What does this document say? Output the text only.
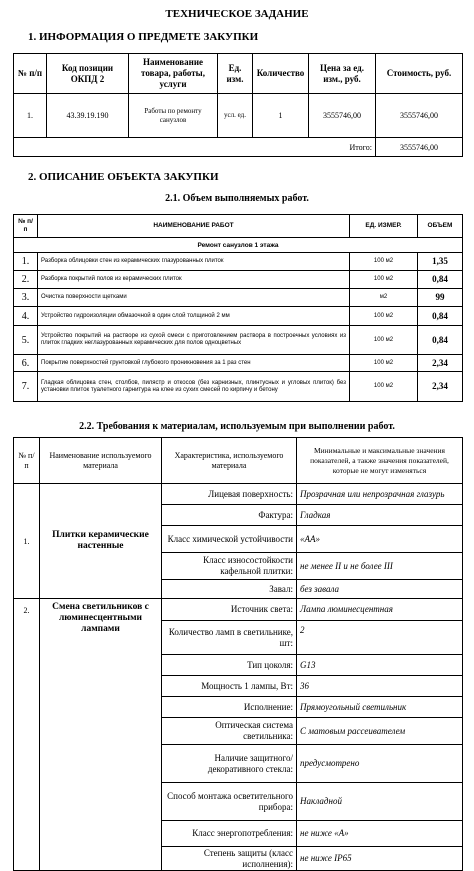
ТЕХНИЧЕСКОЕ ЗАДАНИЕ
1. ИНФОРМАЦИЯ О ПРЕДМЕТЕ ЗАКУПКИ
№ п/п	Код позиции ОКПД 2	Наименование товара, работы, услуги	Ед. изм.	Количество	Цена за ед. изм., руб.	Стоимость, руб.
1.	43.39.19.190	Работы по ремонту санузлов	усл. ед.	1	3555746,00	3555746,00
Итого:						3555746,00
2. ОПИСАНИЕ ОБЪЕКТА ЗАКУПКИ
2.1. Объем выполняемых работ.
№ п/п	НАИМЕНОВАНИЕ РАБОТ	ЕД. ИЗМЕР.	ОБЪЕМ
Ремонт санузлов 1 этажа			
1.	Разборка облицовки стен из керамических глазурованных плиток	100 м2	1,35
2.	Разборка покрытий полов из керамических плиток	100 м2	0,84
3.	Очистка поверхности щетками	м2	99
4.	Устройство гидроизоляции обмазочной в один слой толщиной 2 мм	100 м2	0,84
5.	Устройство покрытий на растворе из сухой смеси с приготовлением раствора в построечных условиях из плиток гладких неглазурованных керамических для полов одноцветных	100 м2	0,84
6.	Покрытие поверхностей грунтовкой глубокого проникновения за 1 раз стен	100 м2	2,34
7.	Гладкая облицовка стен, столбов, пилястр и откосов (без карнизных, плинтусных и угловых плиток) без установки плиток туалетного гарнитура на клее из сухих смесей по кирпичу и бетону	100 м2	2,34
2.2. Требования к материалам, используемым при выполнении работ.
№ п/п	Наименование используемого материала	Характеристика, используемого материала	Минимальные и максимальные значения показателей, а также значения показателей, которые не могут изменяться
1.	Плитки керамические настенные	Лицевая поверхность:	Прозрачная или непрозрачная глазурь
		Фактура:	Гладкая
		Класс химической устойчивости	«АА»
		Класс износостойкости кафельной плитки:	не менее II и не более III
		Завал:	без завала
2.	Смена светильников с люминесцентными лампами	Источник света:	Лампа люминесцентная
		Количество ламп в светильнике, шт:	2
		Тип цоколя:	G13
		Мощность 1 лампы, Вт:	36
		Исполнение:	Прямоугольный светильник
		Оптическая система светильника:	С матовым рассеивателем
		Наличие защитного/декоративного стекла:	предусмотрено
		Способ монтажа осветительного прибора:	Накладной
		Класс энергопотребления:	не ниже «А»
		Степень защиты (класс исполнения):	не ниже IP65
